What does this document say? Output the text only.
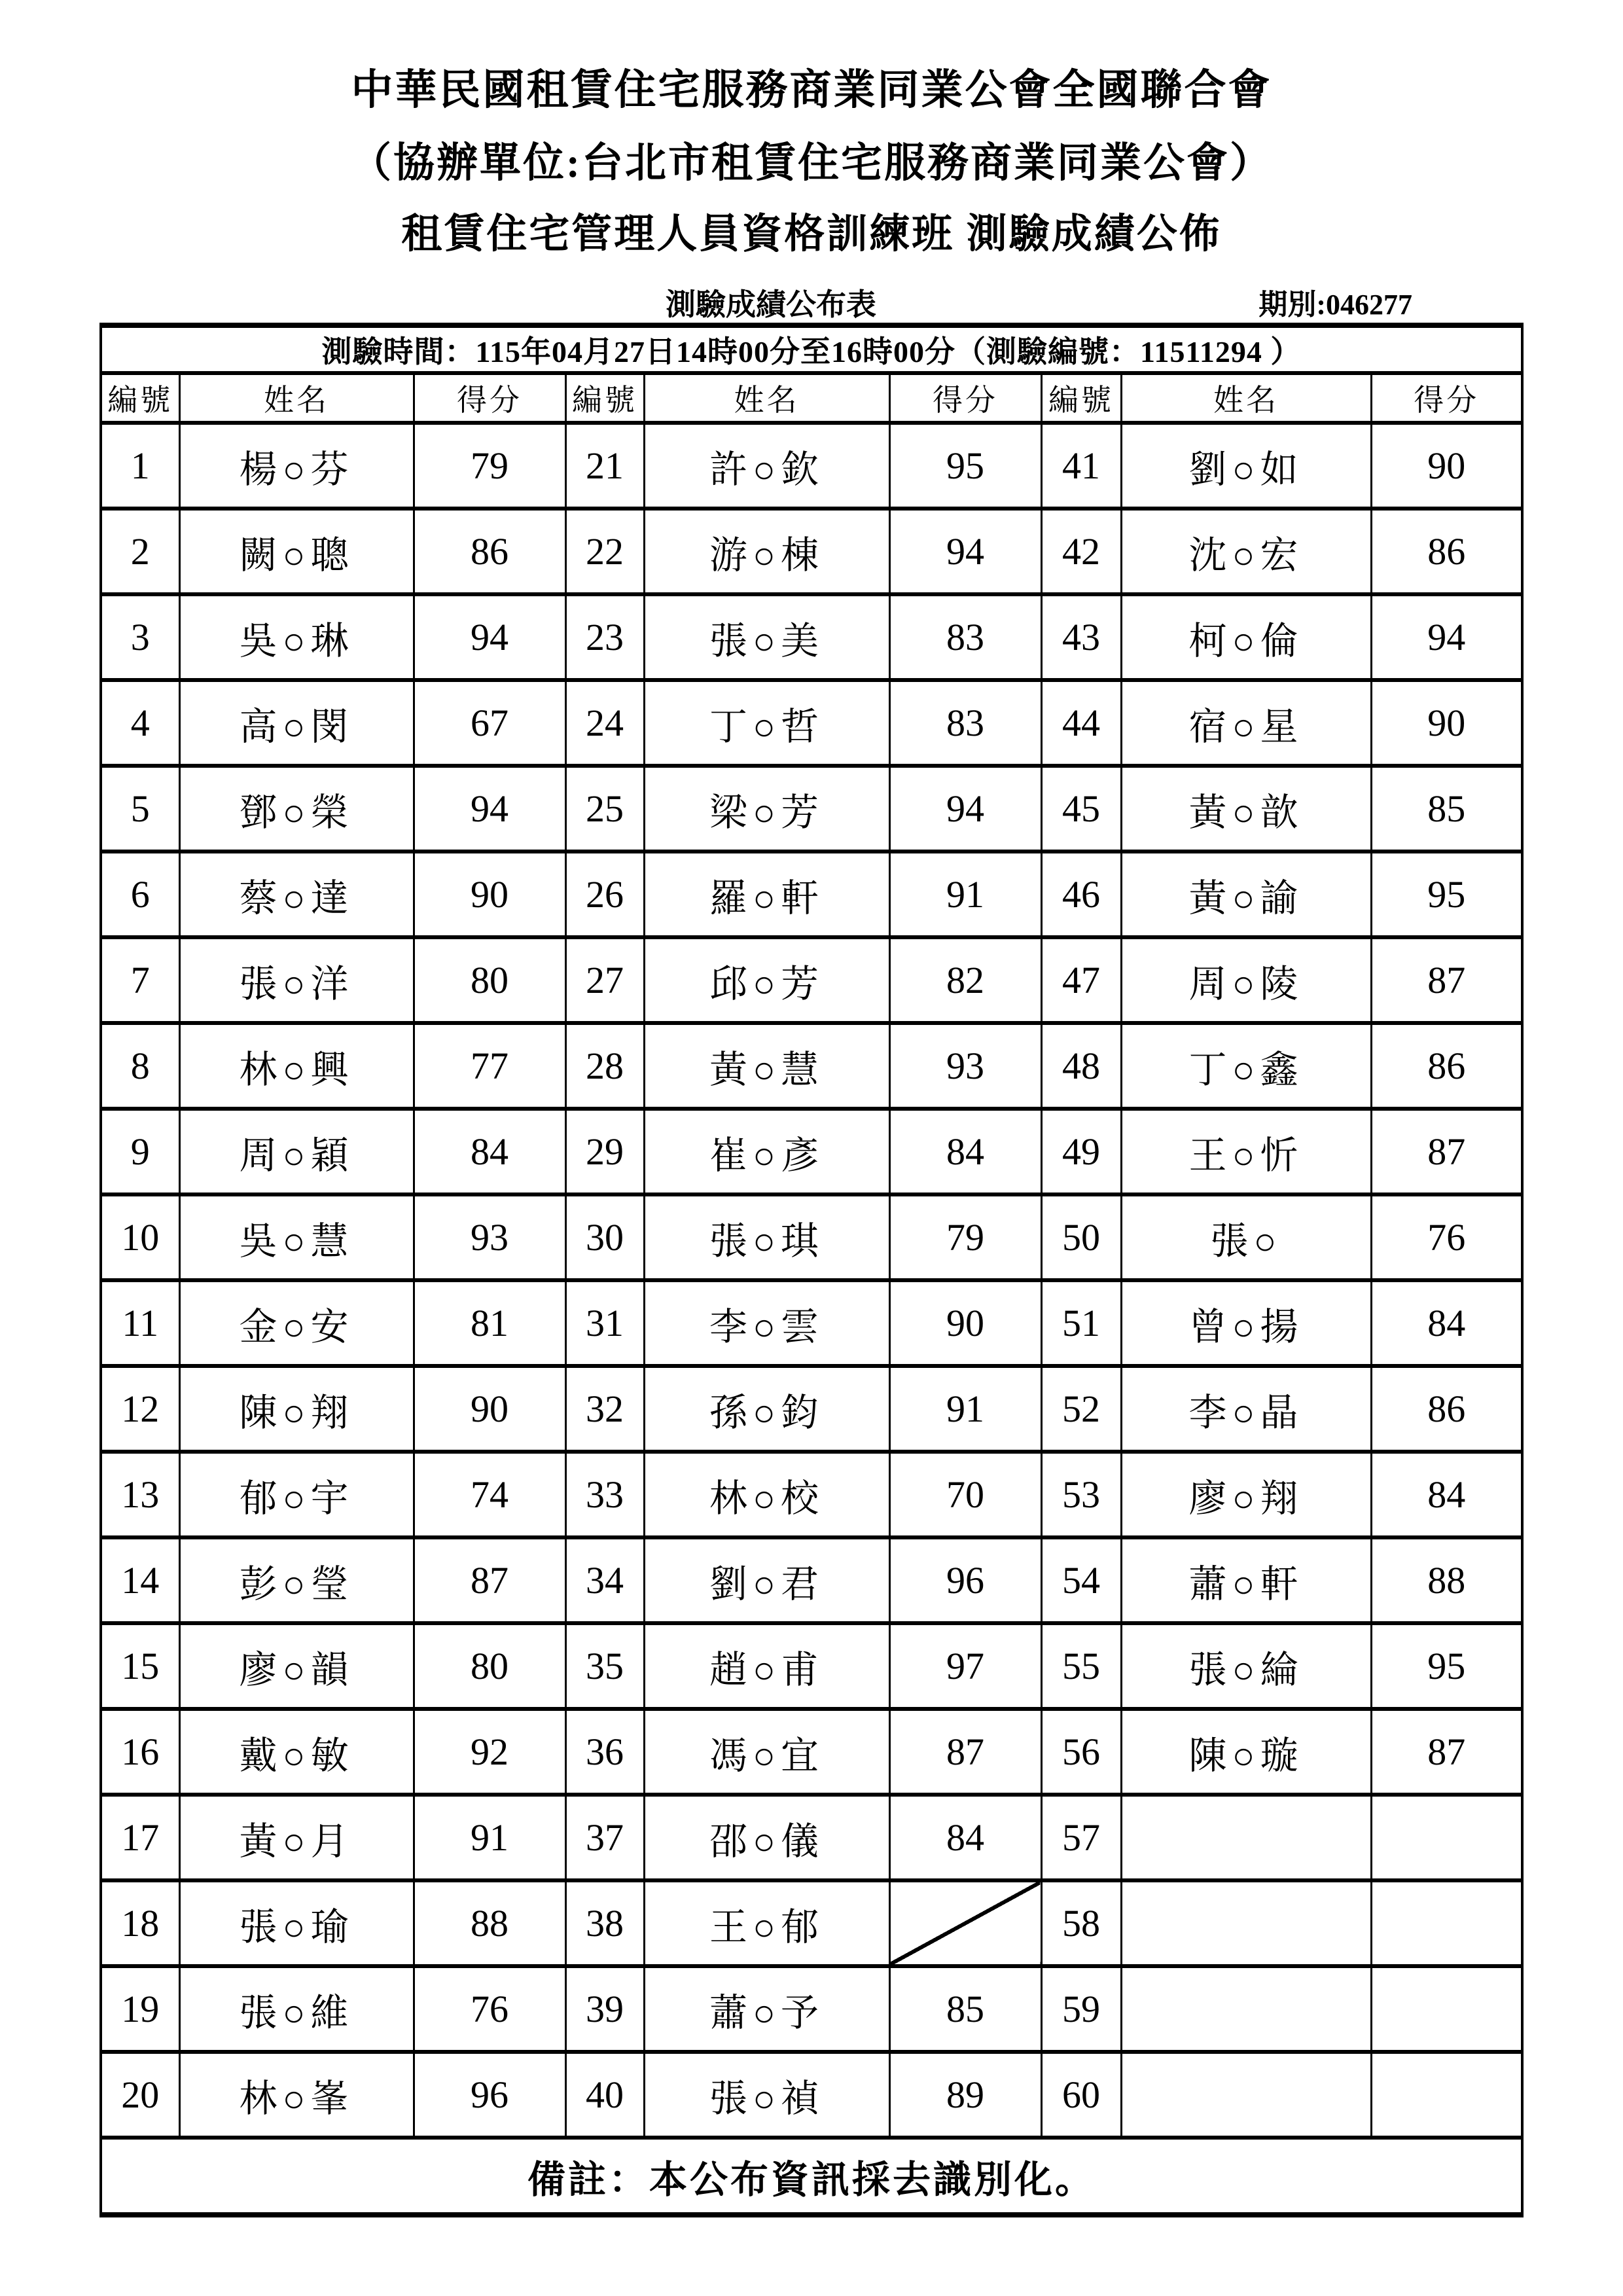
中華民國租賃住宅服務商業同業公會全國聯合會
（協辦單位:台北市租賃住宅服務商業同業公會）
租賃住宅管理人員資格訓練班 測驗成績公佈
測驗成績公布表	期別:046277
測驗時間：115年04月27日14時00分至16時00分（測驗編號：11511294 ）								
編號	姓名	得分	編號	姓名	得分	編號	姓名	得分
1	楊○芬	79	21	許○欽	95	41	劉○如	90
2	闕○聰	86	22	游○棟	94	42	沈○宏	86
3	吳○琳	94	23	張○美	83	43	柯○倫	94
4	高○閔	67	24	丁○哲	83	44	宿○星	90
5	鄧○榮	94	25	梁○芳	94	45	黃○歆	85
6	蔡○達	90	26	羅○軒	91	46	黃○諭	95
7	張○洋	80	27	邱○芳	82	47	周○陵	87
8	林○興	77	28	黃○慧	93	48	丁○鑫	86
9	周○穎	84	29	崔○彥	84	49	王○忻	87
10	吳○慧	93	30	張○琪	79	50	張○	76
11	金○安	81	31	李○雲	90	51	曾○揚	84
12	陳○翔	90	32	孫○鈞	91	52	李○晶	86
13	郁○宇	74	33	林○校	70	53	廖○翔	84
14	彭○瑩	87	34	劉○君	96	54	蕭○軒	88
15	廖○韻	80	35	趙○甫	97	55	張○綸	95
16	戴○敏	92	36	馮○宜	87	56	陳○璇	87
17	黃○月	91	37	邵○儀	84	57		
18	張○瑜	88	38	王○郁		58		
19	張○維	76	39	蕭○予	85	59		
20	林○峯	96	40	張○禎	89	60		
備註：本公布資訊採去識別化。								
